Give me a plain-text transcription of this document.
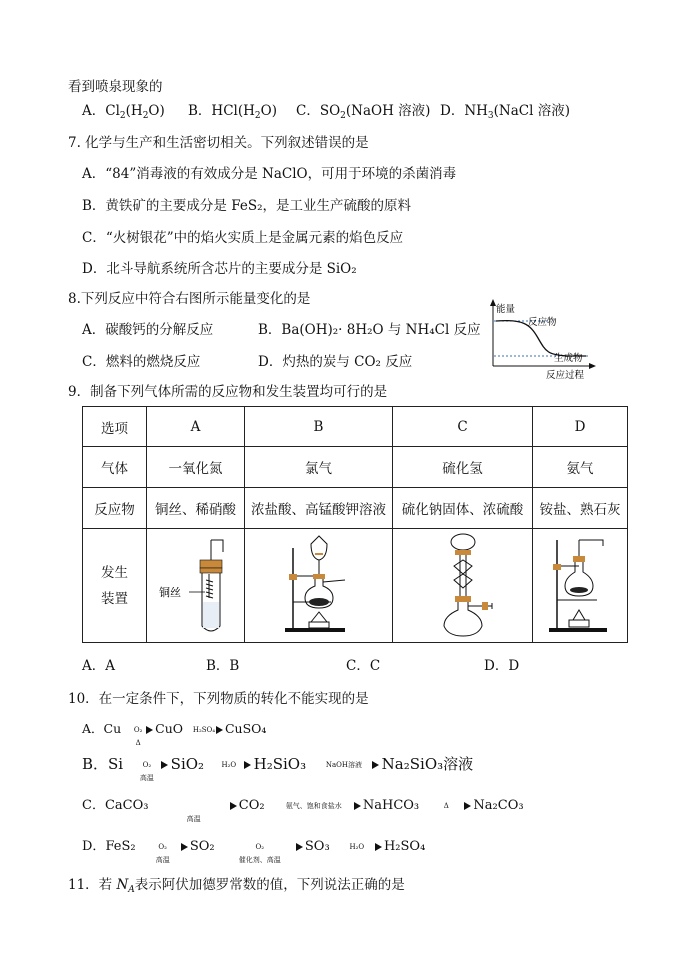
看到喷泉现象的
A．$Cl_2(H_2O)$ B．$HCl(H_2O)$ C．$SO_2(NaOH$ 溶液) D．$NH_3(NaCl$ 溶液)
7. 化学与生产和生活密切相关。下列叙述错误的是
A．“84”消毒液的有效成分是 NaClO，可用于环境的杀菌消毒
B．黄铁矿的主要成分是 FeS₂，是工业生产硫酸的原料
C．“火树银花”中的焰火实质上是金属元素的焰色反应
D．北斗导航系统所含芯片的主要成分是 SiO₂
8.下列反应中符合右图所示能量变化的是
A．碳酸钙的分解反应	B．Ba(OH)₂· 8H₂O 与 NH₄Cl 反应
C．燃料的燃烧反应	D．灼热的炭与 CO₂ 反应
能量
反应物
生成物
反应过程
9．制备下列气体所需的反应物和发生装置均可行的是
选项	A	B	C	D
气体	一氧化氮	氯气	硫化氢	氨气
反应物	铜丝、稀硝酸	浓盐酸、高锰酸钾溶液	硫化钠固体、浓硫酸	铵盐、熟石灰

发生
装置	铜丝

A．A	B．B	C．C	D．D
10．在一定条件下，下列物质的转化不能实现的是
A．Cu	O₂
Δ
CuO	H₂SO₄ CuSO₄
B．Si	O₂
高温
SiO₂	H₂O	H₂SiO₃	NaOH溶液	Na₂SiO₃溶液
C．CaCO₃
高温
CO₂	氨气、饱和食盐水	NaHCO₃	Δ	Na₂CO₃
D．FeS₂	O₂
高温
SO₂	O₂
催化剂、高温
SO₃	H₂O	H₂SO₄
11．若 $N_A$表示阿伏加德罗常数的值，下列说法正确的是
